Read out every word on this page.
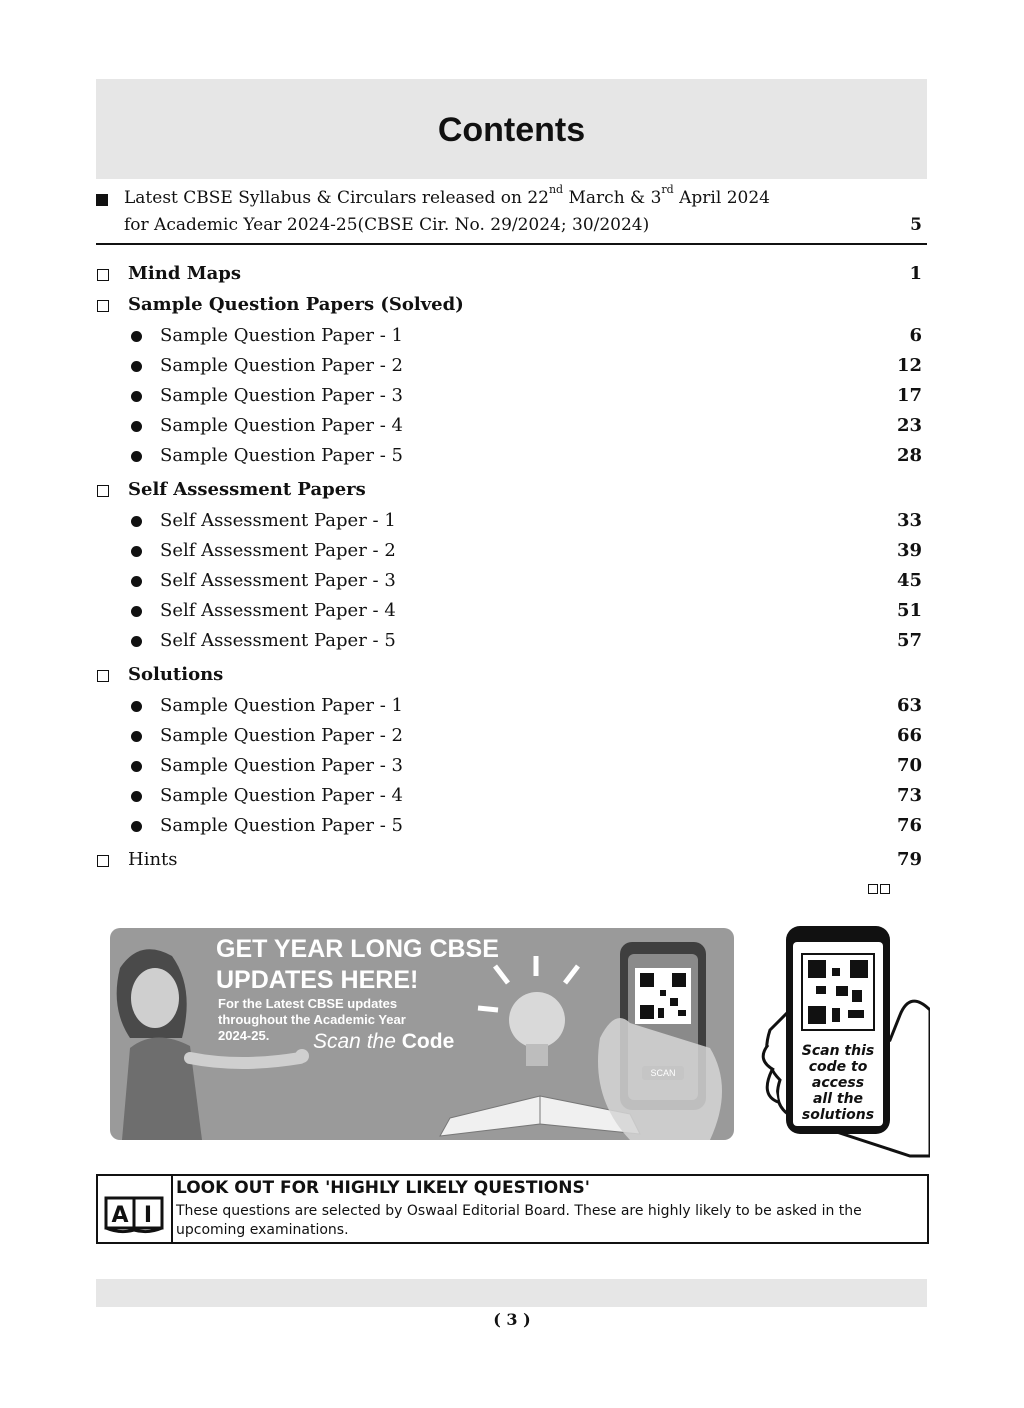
Contents
Latest CBSE Syllabus & Circulars released on 22nd March & 3rd April 2024
for Academic Year 2024-25(CBSE Cir. No. 29/2024; 30/2024)	5
Mind Maps	1
Sample Question Papers (Solved)
Sample Question Paper - 1	6
Sample Question Paper - 2	12
Sample Question Paper - 3	17
Sample Question Paper - 4	23
Sample Question Paper - 5	28
Self Assessment Papers
Self Assessment Paper - 1	33
Self Assessment Paper - 2	39
Self Assessment Paper - 3	45
Self Assessment Paper - 4	51
Self Assessment Paper - 5	57
Solutions
Sample Question Paper - 1	63
Sample Question Paper - 2	66
Sample Question Paper - 3	70
Sample Question Paper - 4	73
Sample Question Paper - 5	76
Hints	79
GET YEAR LONG CBSE
UPDATES HERE!
For the Latest CBSE updates
throughout the Academic Year
2024-25.	Scan the Code
SCAN
Scan this
code to
access
all the
solutions
A I
LOOK OUT FOR 'HIGHLY LIKELY QUESTIONS'
These questions are selected by Oswaal Editorial Board. These are highly likely to be asked in the upcoming examinations.
( 3 )
